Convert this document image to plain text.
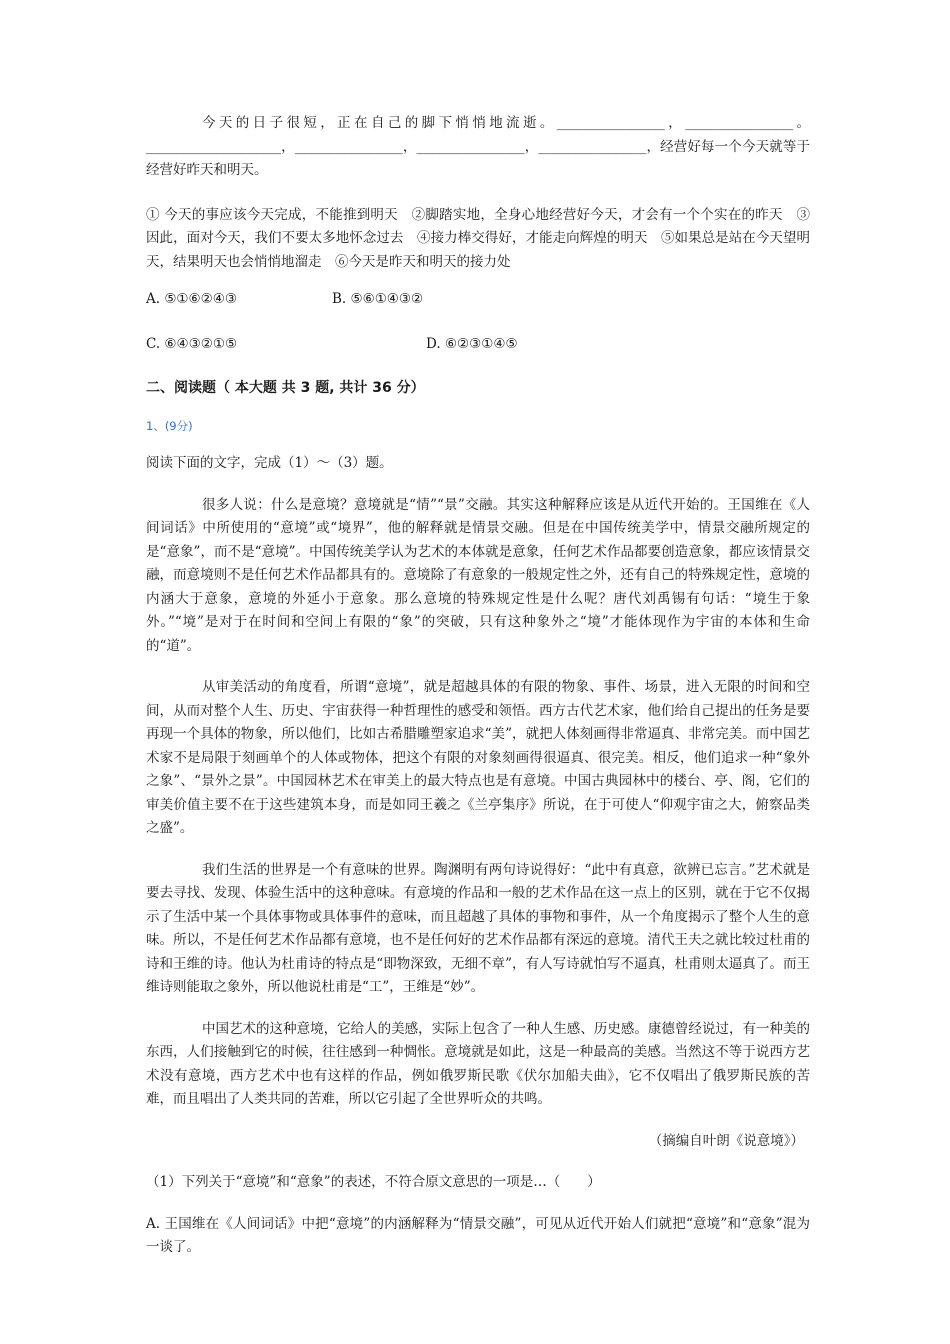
今天的日子很短，正在自己的脚下悄悄地流逝。________________，________________。____________________，________________，________________，________________，经营好每一个今天就等于经营好昨天和明天。

① 今天的事应该今天完成，不能推到明天　②脚踏实地，全身心地经营好今天，才会有一个个实在的昨天　③因此，面对今天，我们不要太多地怀念过去　④接力棒交得好，才能走向辉煌的明天　⑤如果总是站在今天望明天，结果明天也会悄悄地溜走　⑥今天是昨天和明天的接力处

A. ⑤①⑥②④③	B. ⑤⑥①④③②
C. ⑥④③②①⑤	D. ⑥②③①④⑤

二、阅读题（ 本大题 共 3 题, 共计 36 分）

1、(9分)

阅读下面的文字，完成（1）～（3）题。

很多人说：什么是意境？意境就是“情”“景”交融。其实这种解释应该是从近代开始的。王国维在《人间词话》中所使用的“意境”或“境界”，他的解释就是情景交融。但是在中国传统美学中，情景交融所规定的是“意象”，而不是“意境”。中国传统美学认为艺术的本体就是意象，任何艺术作品都要创造意象，都应该情景交融，而意境则不是任何艺术作品都具有的。意境除了有意象的一般规定性之外，还有自己的特殊规定性，意境的内涵大于意象，意境的外延小于意象。那么意境的特殊规定性是什么呢？唐代刘禹锡有句话：“境生于象外。”“境”是对于在时间和空间上有限的“象”的突破，只有这种象外之“境”才能体现作为宇宙的本体和生命的“道”。

从审美活动的角度看，所谓“意境”，就是超越具体的有限的物象、事件、场景，进入无限的时间和空间，从而对整个人生、历史、宇宙获得一种哲理性的感受和领悟。西方古代艺术家，他们给自己提出的任务是要再现一个具体的物象，所以他们，比如古希腊雕塑家追求“美”，就把人体刻画得非常逼真、非常完美。而中国艺术家不是局限于刻画单个的人体或物体，把这个有限的对象刻画得很逼真、很完美。相反，他们追求一种“象外之象”、“景外之景”。中国园林艺术在审美上的最大特点也是有意境。中国古典园林中的楼台、亭、阁，它们的审美价值主要不在于这些建筑本身，而是如同王羲之《兰亭集序》所说，在于可使人“仰观宇宙之大，俯察品类之盛”。

我们生活的世界是一个有意味的世界。陶渊明有两句诗说得好：“此中有真意，欲辨已忘言。”艺术就是要去寻找、发现、体验生活中的这种意味。有意境的作品和一般的艺术作品在这一点上的区别，就在于它不仅揭示了生活中某一个具体事物或具体事件的意味，而且超越了具体的事物和事件，从一个角度揭示了整个人生的意味。所以，不是任何艺术作品都有意境，也不是任何好的艺术作品都有深远的意境。清代王夫之就比较过杜甫的诗和王维的诗。他认为杜甫诗的特点是“即物深致，无细不章”，有人写诗就怕写不逼真，杜甫则太逼真了。而王维诗则能取之象外，所以他说杜甫是“工”，王维是“妙”。

中国艺术的这种意境，它给人的美感，实际上包含了一种人生感、历史感。康德曾经说过，有一种美的东西，人们接触到它的时候，往往感到一种惆怅。意境就是如此，这是一种最高的美感。当然这不等于说西方艺术没有意境，西方艺术中也有这样的作品，例如俄罗斯民歌《伏尔加船夫曲》，它不仅唱出了俄罗斯民族的苦难，而且唱出了人类共同的苦难，所以它引起了全世界听众的共鸣。

（摘编自叶朗《说意境》）

（1）下列关于“意境”和“意象”的表述，不符合原文意思的一项是…（　　）

A. 王国维在《人间词话》中把“意境”的内涵解释为“情景交融”，可见从近代开始人们就把“意境”和“意象”混为一谈了。
